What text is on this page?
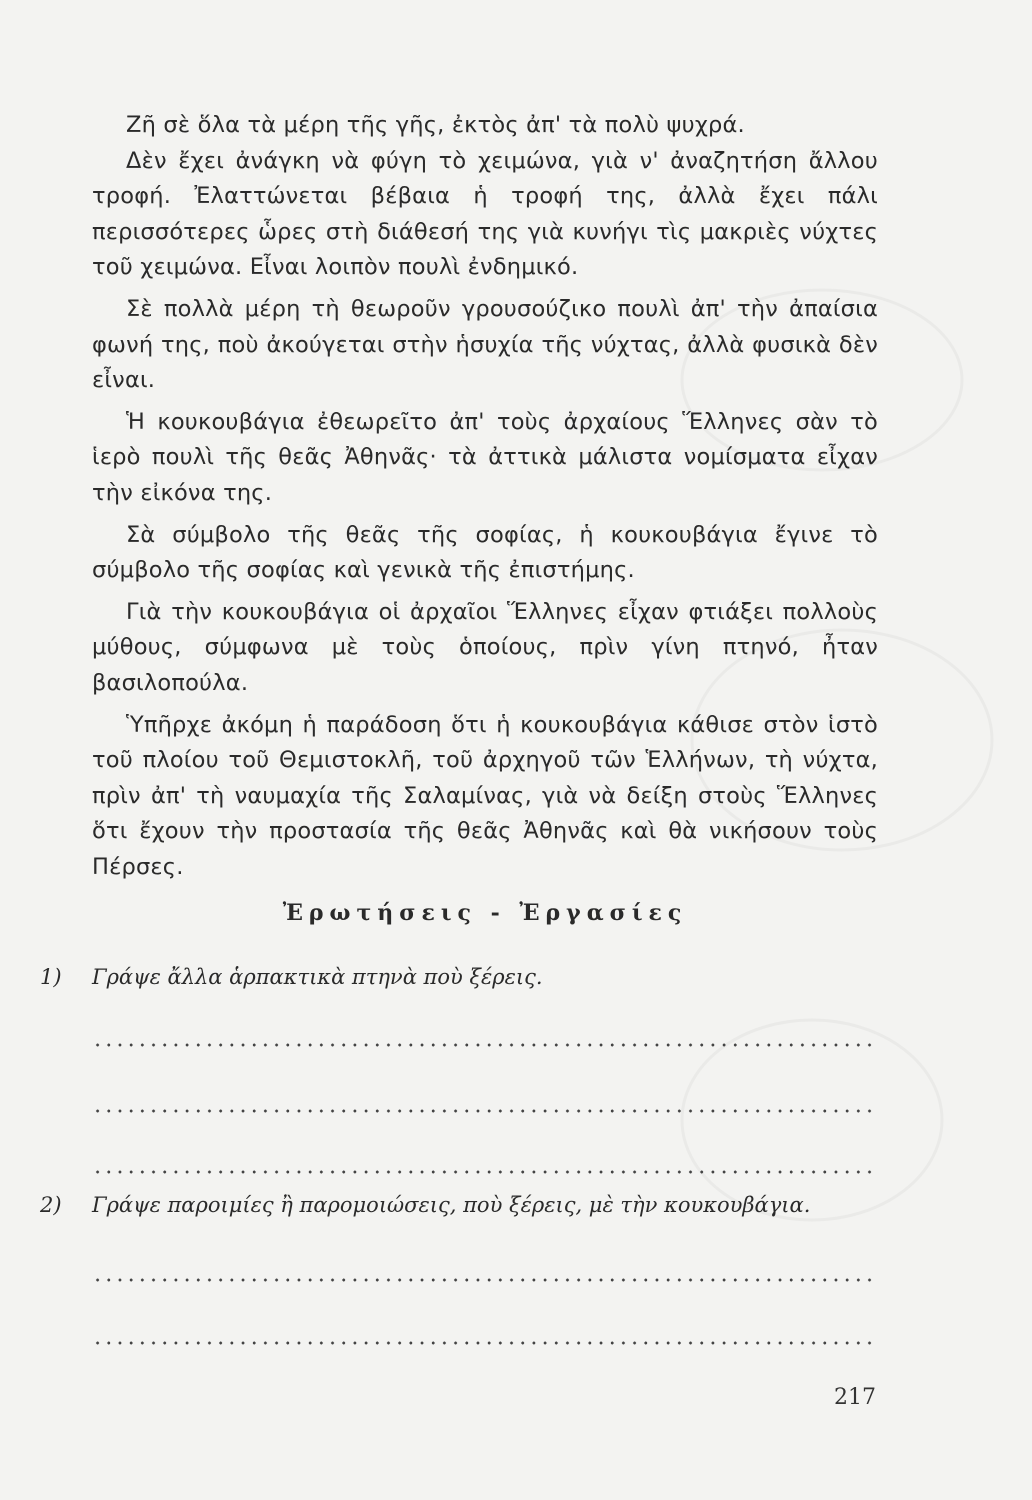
Ζῆ σὲ ὅλα τὰ μέρη τῆς γῆς, ἐκτὸς ἀπ' τὰ πολὺ ψυχρά.

Δὲν ἔχει ἀνάγκη νὰ φύγη τὸ χειμώνα, γιὰ ν' ἀναζητήση ἄλλου τροφή. Ἐλαττώνεται βέβαια ἡ τροφή της, ἀλλὰ ἔχει πάλι περισσότερες ὧρες στὴ διάθεσή της γιὰ κυνήγι τὶς μακριὲς νύχτες τοῦ χειμώνα. Εἶναι λοιπὸν πουλὶ ἐνδημικό.

Σὲ πολλὰ μέρη τὴ θεωροῦν γρουσούζικο πουλὶ ἀπ' τὴν ἀπαίσια φωνή της, ποὺ ἀκούγεται στὴν ἡσυχία τῆς νύχτας, ἀλλὰ φυσικὰ δὲν εἶναι.

Ἡ κουκουβάγια ἐθεωρεῖτο ἀπ' τοὺς ἀρχαίους Ἕλληνες σὰν τὸ ἱερὸ πουλὶ τῆς θεᾶς Ἀθηνᾶς· τὰ ἀττικὰ μάλιστα νομίσματα εἶχαν τὴν εἰκόνα της.

Σὰ σύμβολο τῆς θεᾶς τῆς σοφίας, ἡ κουκουβάγια ἔγινε τὸ σύμβολο τῆς σοφίας καὶ γενικὰ τῆς ἐπιστήμης.

Γιὰ τὴν κουκουβάγια οἱ ἀρχαῖοι Ἕλληνες εἶχαν φτιάξει πολλοὺς μύθους, σύμφωνα μὲ τοὺς ὁποίους, πρὶν γίνη πτηνό, ἦταν βασιλοπούλα.

Ὑπῆρχε ἀκόμη ἡ παράδοση ὅτι ἡ κουκουβάγια κάθισε στὸν ἱστὸ τοῦ πλοίου τοῦ Θεμιστοκλῆ, τοῦ ἀρχηγοῦ τῶν Ἑλλήνων, τὴ νύχτα, πρὶν ἀπ' τὴ ναυμαχία τῆς Σαλαμίνας, γιὰ νὰ δείξη στοὺς Ἕλληνες ὅτι ἔχουν τὴν προστασία τῆς θεᾶς Ἀθηνᾶς καὶ θὰ νικήσουν τοὺς Πέρσες.

Ἐρωτήσεις - Ἐργασίες
1) Γράψε ἄλλα ἁρπακτικὰ πτηνὰ ποὺ ξέρεις.
2) Γράψε παροιμίες ἢ παρομοιώσεις, ποὺ ξέρεις, μὲ τὴν κουκουβάγια.
217
